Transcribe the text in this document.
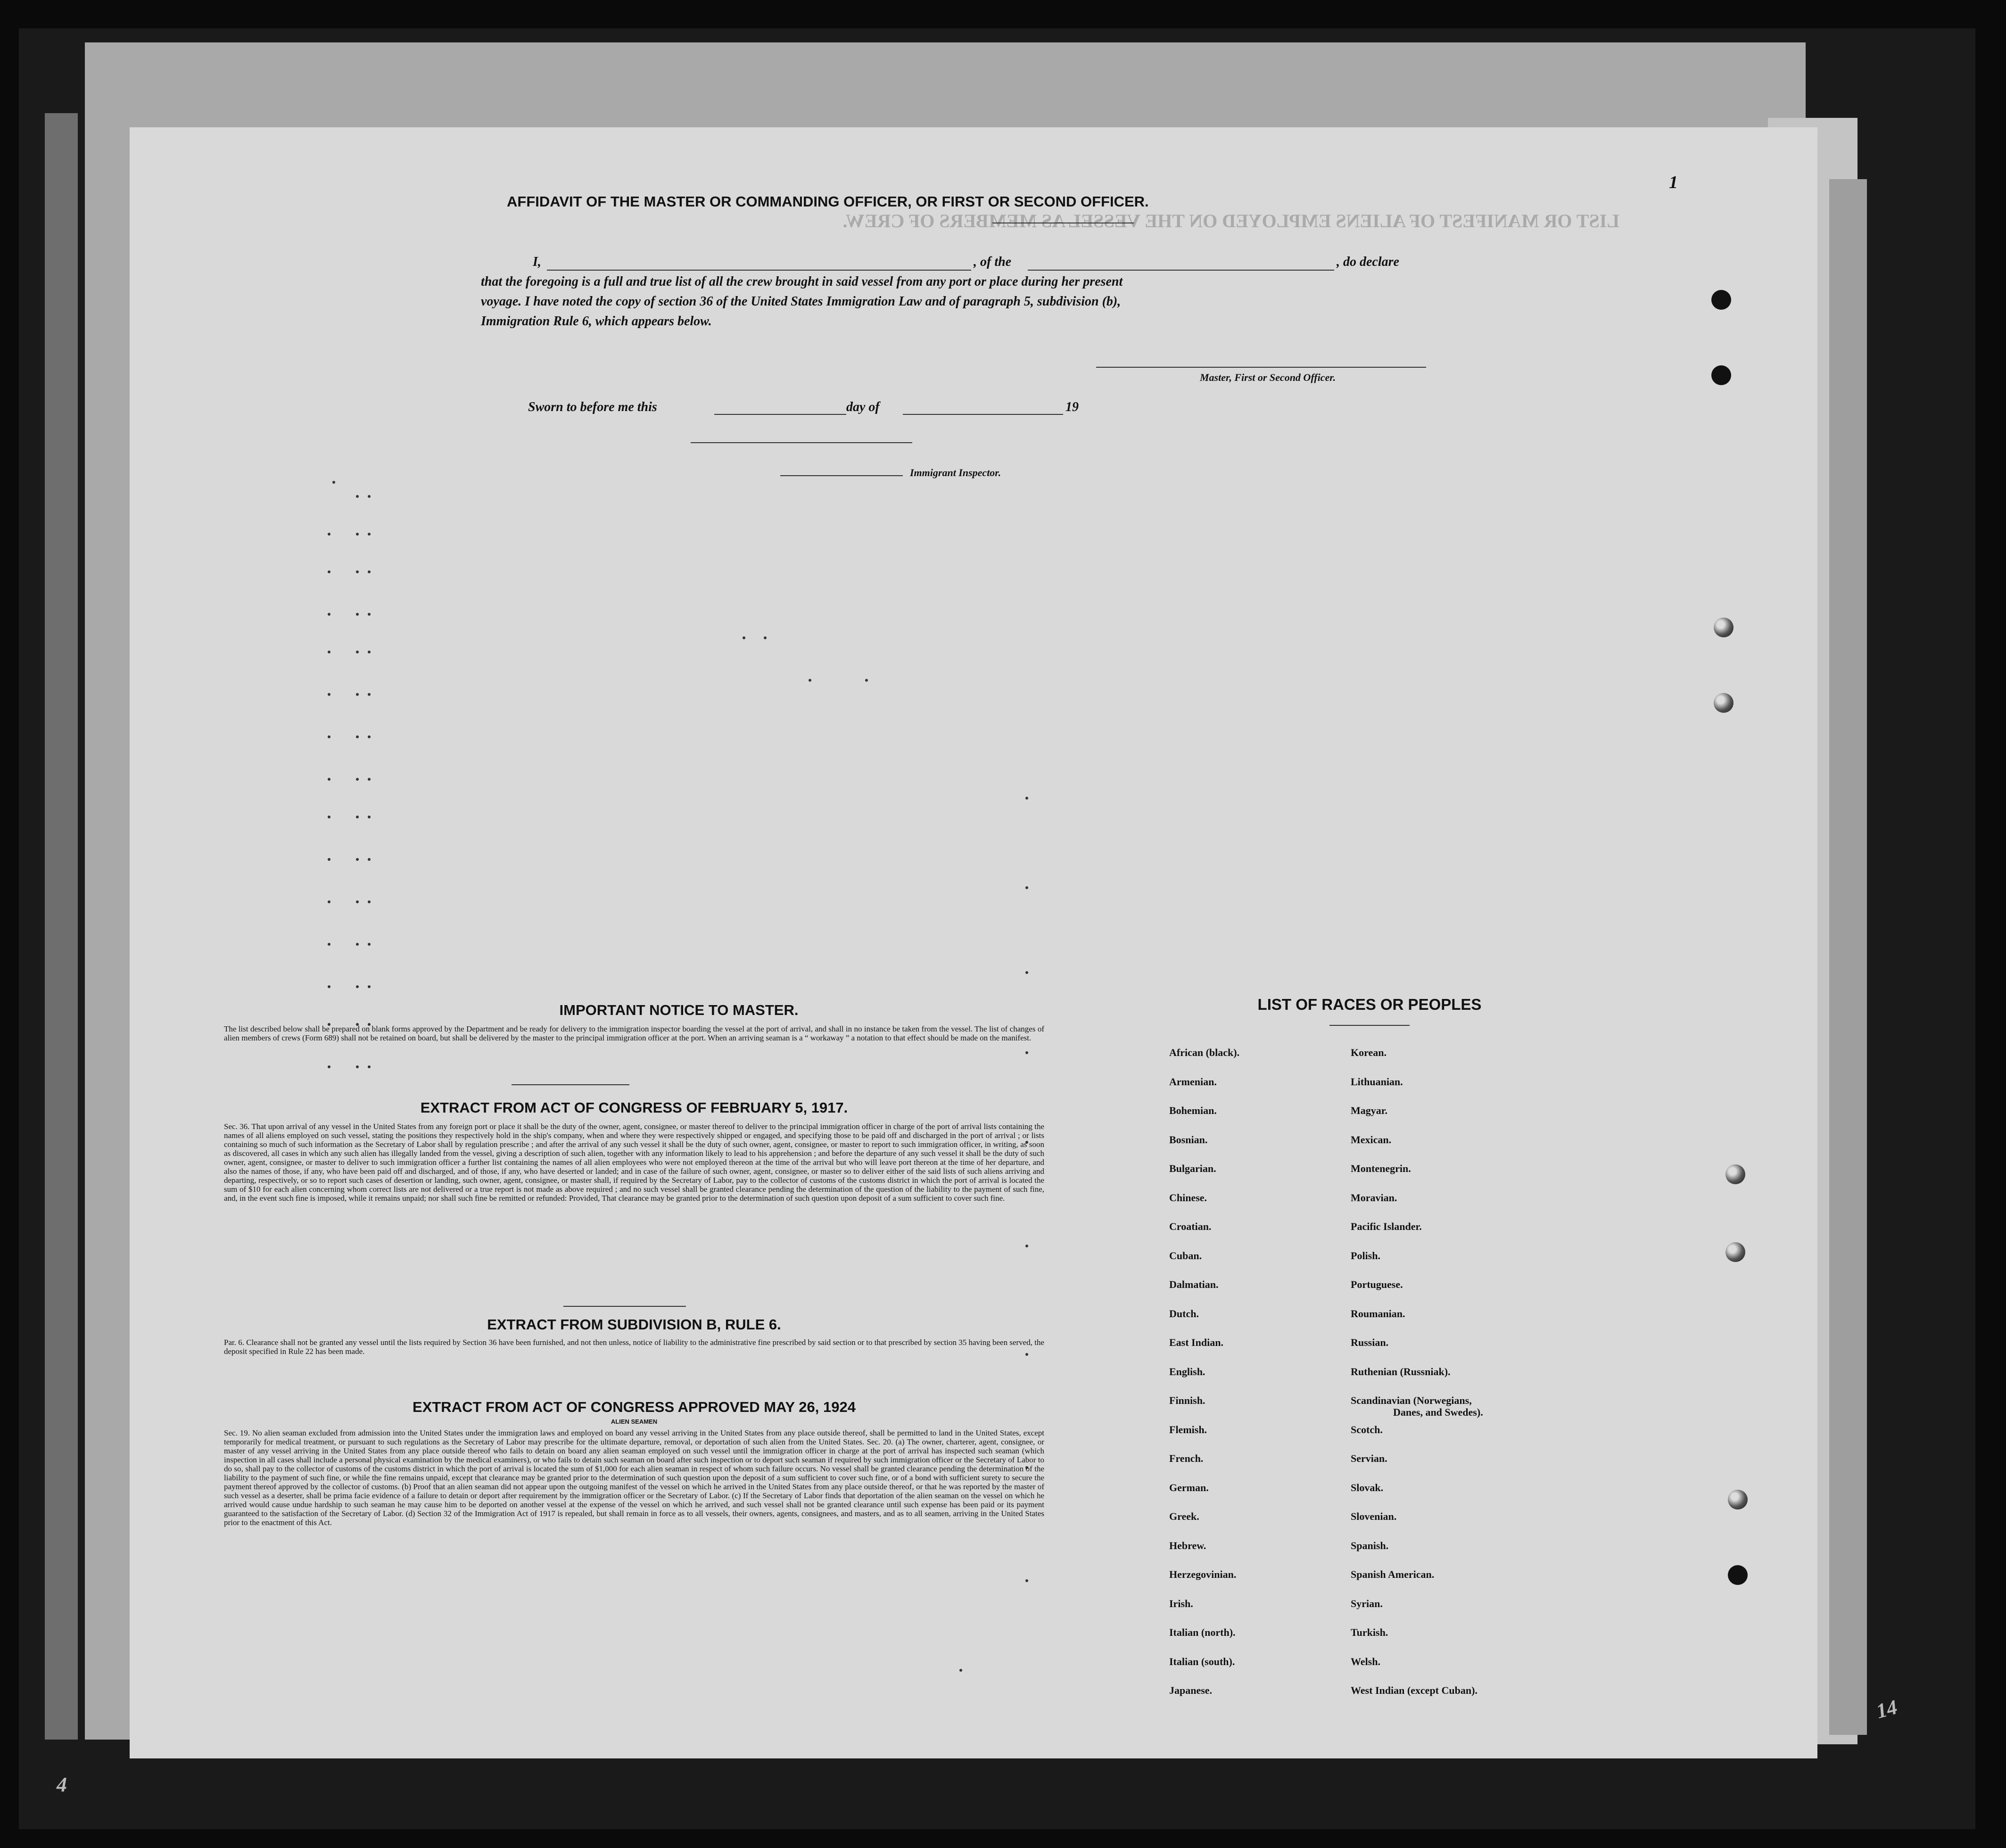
LIST OR MANIFEST OF ALIENS EMPLOYED ON THE VESSEL AS MEMBERS OF CREW.
1
AFFIDAVIT OF THE MASTER OR COMMANDING OFFICER, OR FIRST OR SECOND OFFICER.
I,	, of the	, do declare
that the foregoing is a full and true list of all the crew brought in said vessel from any port or place during her present
voyage. I have noted the copy of section 36 of the United States Immigration Law and of paragraph 5, subdivision (b),
Immigration Rule 6, which appears below.
Master, First or Second Officer.
Sworn to before me this	day of	19
Immigrant Inspector.
IMPORTANT NOTICE TO MASTER.
The list described below shall be prepared on blank forms approved by the Department and be ready for delivery to the immigration inspector boarding the vessel at the port of arrival, and shall in no instance be taken from the vessel. The list of changes of alien members of crews (Form 689) shall not be retained on board, but shall be delivered by the master to the principal immigration officer at the port. When an arriving seaman is a “ workaway ” a notation to that effect should be made on the manifest.
EXTRACT FROM ACT OF CONGRESS OF FEBRUARY 5, 1917.
Sec. 36. That upon arrival of any vessel in the United States from any foreign port or place it shall be the duty of the owner, agent, consignee, or master thereof to deliver to the principal immigration officer in charge of the port of arrival lists containing the names of all aliens employed on such vessel, stating the positions they respectively hold in the ship's company, when and where they were respectively shipped or engaged, and specifying those to be paid off and discharged in the port of arrival ; or lists containing so much of such information as the Secretary of Labor shall by regulation prescribe ; and after the arrival of any such vessel it shall be the duty of such owner, agent, consignee, or master to report to such immigration officer, in writing, as soon as discovered, all cases in which any such alien has illegally landed from the vessel, giving a description of such alien, together with any information likely to lead to his apprehension ; and before the departure of any such vessel it shall be the duty of such owner, agent, consignee, or master to deliver to such immigration officer a further list containing the names of all alien employees who were not employed thereon at the time of the arrival but who will leave port thereon at the time of her departure, and also the names of those, if any, who have been paid off and discharged, and of those, if any, who have deserted or landed; and in case of the failure of such owner, agent, consignee, or master so to deliver either of the said lists of such aliens arriving and departing, respectively, or so to report such cases of desertion or landing, such owner, agent, consignee, or master shall, if required by the Secretary of Labor, pay to the collector of customs of the customs district in which the port of arrival is located the sum of $10 for each alien concerning whom correct lists are not delivered or a true report is not made as above required ; and no such vessel shall be granted clearance pending the determination of the question of the liability to the payment of such fine, and, in the event such fine is imposed, while it remains unpaid; nor shall such fine be remitted or refunded: Provided, That clearance may be granted prior to the determination of such question upon deposit of a sum sufficient to cover such fine.
EXTRACT FROM SUBDIVISION B, RULE 6.
Par. 6. Clearance shall not be granted any vessel until the lists required by Section 36 have been furnished, and not then unless, notice of liability to the administrative fine prescribed by said section or to that prescribed by section 35 having been served, the deposit specified in Rule 22 has been made.
EXTRACT FROM ACT OF CONGRESS APPROVED MAY 26, 1924
ALIEN SEAMEN
Sec. 19. No alien seaman excluded from admission into the United States under the immigration laws and employed on board any vessel arriving in the United States from any place outside thereof, shall be permitted to land in the United States, except temporarily for medical treatment, or pursuant to such regulations as the Secretary of Labor may prescribe for the ultimate departure, removal, or deportation of such alien from the United States. Sec. 20. (a) The owner, charterer, agent, consignee, or master of any vessel arriving in the United States from any place outside thereof who fails to detain on board any alien seaman employed on such vessel until the immigration officer in charge at the port of arrival has inspected such seaman (which inspection in all cases shall include a personal physical examination by the medical examiners), or who fails to detain such seaman on board after such inspection or to deport such seaman if required by such immigration officer or the Secretary of Labor to do so, shall pay to the collector of customs of the customs district in which the port of arrival is located the sum of $1,000 for each alien seaman in respect of whom such failure occurs. No vessel shall be granted clearance pending the determination of the liability to the payment of such fine, or while the fine remains unpaid, except that clearance may be granted prior to the determination of such question upon the deposit of a sum sufficient to cover such fine, or of a bond with sufficient surety to secure the payment thereof approved by the collector of customs. (b) Proof that an alien seaman did not appear upon the outgoing manifest of the vessel on which he arrived in the United States from any place outside thereof, or that he was reported by the master of such vessel as a deserter, shall be prima facie evidence of a failure to detain or deport after requirement by the immigration officer or the Secretary of Labor. (c) If the Secretary of Labor finds that deportation of the alien seaman on the vessel on which he arrived would cause undue hardship to such seaman he may cause him to be deported on another vessel at the expense of the vessel on which he arrived, and such vessel shall not be granted clearance until such expense has been paid or its payment guaranteed to the satisfaction of the Secretary of Labor. (d) Section 32 of the Immigration Act of 1917 is repealed, but shall remain in force as to all vessels, their owners, agents, consignees, and masters, and as to all seamen, arriving in the United States prior to the enactment of this Act.
LIST OF RACES OR PEOPLES
African (black).
Armenian.
Bohemian.
Bosnian.
Bulgarian.
Chinese.
Croatian.
Cuban.
Dalmatian.
Dutch.
East Indian.
English.
Finnish.
Flemish.
French.
German.
Greek.
Hebrew.
Herzegovinian.
Irish.
Italian (north).
Italian (south).
Japanese.
Korean.
Lithuanian.
Magyar.
Mexican.
Montenegrin.
Moravian.
Pacific Islander.
Polish.
Portuguese.
Roumanian.
Russian.
Ruthenian (Russniak).
Scandinavian (Norwegians,
Danes, and Swedes).
Scotch.
Servian.
Slovak.
Slovenian.
Spanish.
Spanish American.
Syrian.
Turkish.
Welsh.
West Indian (except Cuban).
4
14
